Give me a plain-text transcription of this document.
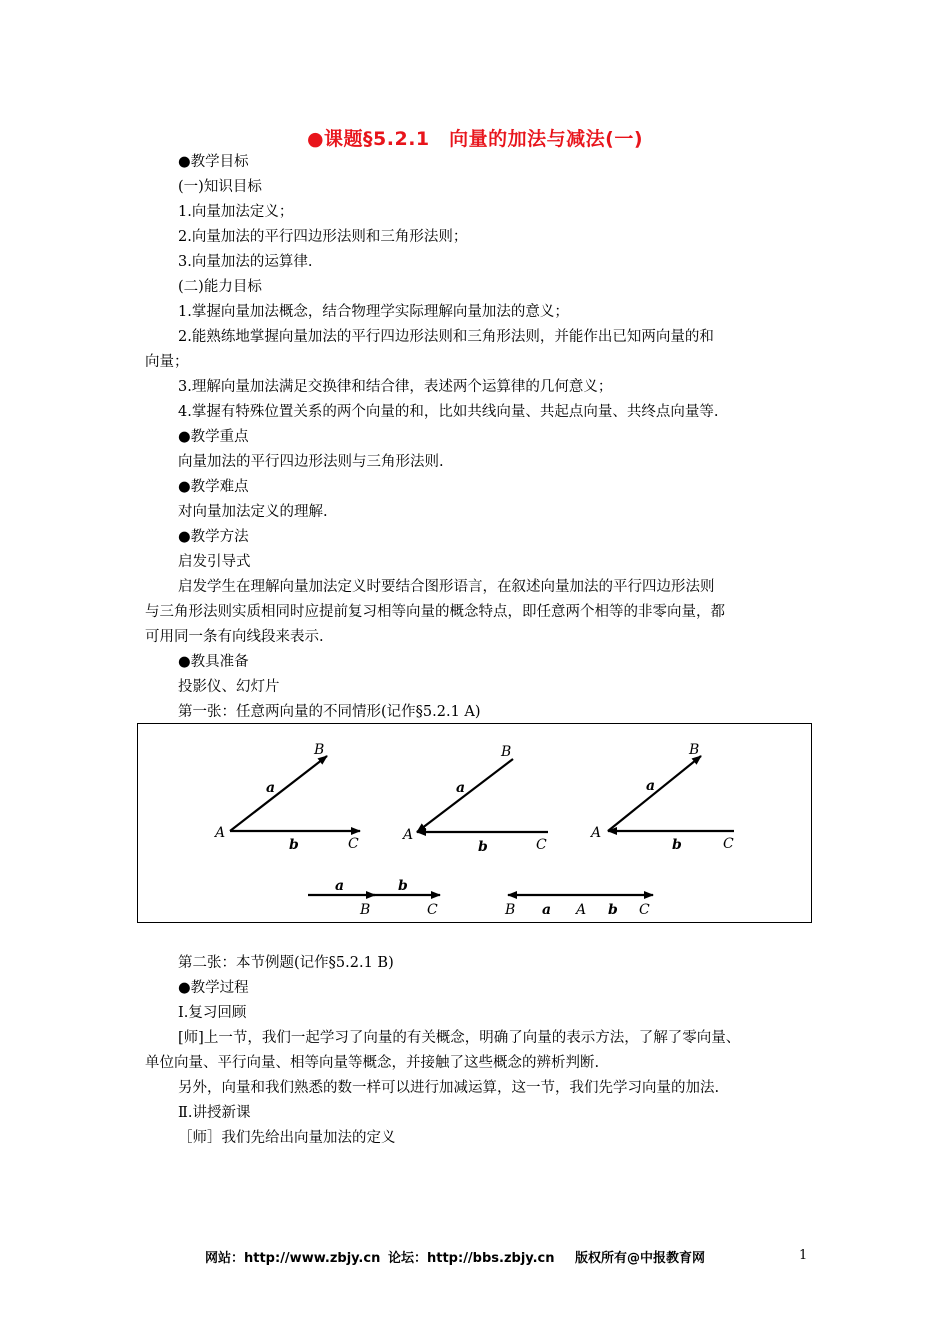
●课题§5.2.1　向量的加法与减法(一)
●教学目标
(一)知识目标
1.向量加法定义；
2.向量加法的平行四边形法则和三角形法则；
3.向量加法的运算律.
(二)能力目标
1.掌握向量加法概念，结合物理学实际理解向量加法的意义；
2.能熟练地掌握向量加法的平行四边形法则和三角形法则，并能作出已知两向量的和
向量；
3.理解向量加法满足交换律和结合律，表述两个运算律的几何意义；
4.掌握有特殊位置关系的两个向量的和，比如共线向量、共起点向量、共终点向量等.
●教学重点
向量加法的平行四边形法则与三角形法则.
●教学难点
对向量加法定义的理解.
●教学方法
启发引导式
启发学生在理解向量加法定义时要结合图形语言，在叙述向量加法的平行四边形法则
与三角形法则实质相同时应提前复习相等向量的概念特点，即任意两个相等的非零向量，都
可用同一条有向线段来表示.
●教具准备
投影仪、幻灯片
第一张：任意两向量的不同情形(记作§5.2.1 A)
A
B
C
a
b
A
B
C
a
b
A
B
C
a
b
a	b
B	C	B a A b C
第二张：本节例题(记作§5.2.1 B)
●教学过程
Ⅰ.复习回顾
[师]上一节，我们一起学习了向量的有关概念，明确了向量的表示方法，了解了零向量、
单位向量、平行向量、相等向量等概念，并接触了这些概念的辨析判断.
另外，向量和我们熟悉的数一样可以进行加减运算，这一节，我们先学习向量的加法.
Ⅱ.讲授新课
［师］我们先给出向量加法的定义
网站：http://www.zbjy.cn 论坛：http://bbs.zbjy.cn 版权所有@中报教育网	1
